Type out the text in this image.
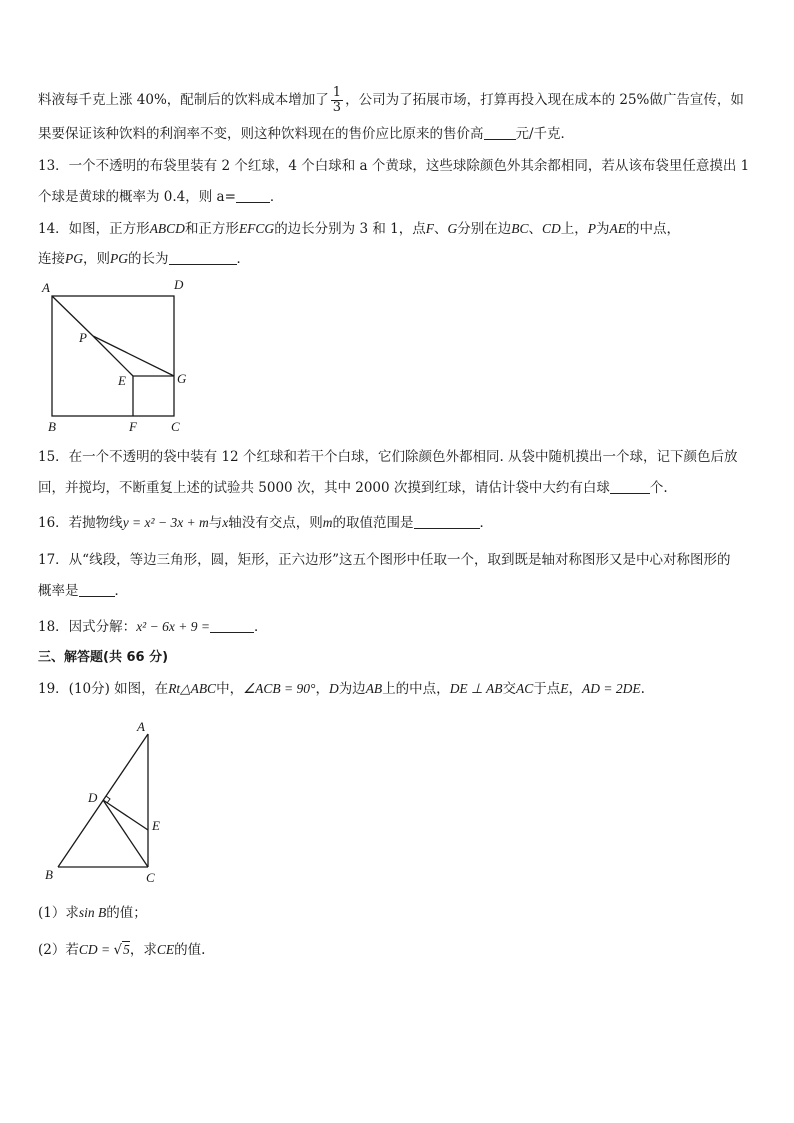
料液每千克上涨 40%，配制后的饮料成本增加了 $\frac{1}{3}$ ，公司为了拓展市场，打算再投入现在成本的 25%做广告宣传，如
果要保证该种饮料的利润率不变，则这种饮料现在的售价应比原来的售价高 元/千克．
13．一个不透明的布袋里装有 2 个红球，4 个白球和 a 个黄球，这些球除颜色外其余都相同，若从该布袋里任意摸出 1
个球是黄球的概率为 0.4，则 a=	．
14．如图，正方形ABCD和正方形EFCG的边长分别为 3 和 1，点F、G分别在边BC、CD上，P为AE的中点，
连接PG，则PG的长为	．
A	D
P
E	G
B	F	C
15．在一个不透明的袋中装有 12 个红球和若干个白球，它们除颜色外都相同. 从袋中随机摸出一个球，记下颜色后放
回，并搅均，不断重复上述的试验共 5000 次，其中 2000 次摸到红球，请估计袋中大约有白球	个.
16．若抛物线y = x² − 3x + m与x轴没有交点，则m的取值范围是	．
17．从“线段，等边三角形，圆，矩形，正六边形”这五个图形中任取一个，取到既是轴对称图形又是中心对称图形的
概率是	．
18．因式分解：x² − 6x + 9 =	．
三、解答题(共 66 分)
19．(10分) 如图，在Rt△ABC中，∠ACB = 90°，D为边AB上的中点，DE ⊥ AB交AC于点E，AD = 2DE.
A
D
E
B	C
(1）求sin B的值；
(2）若CD = √5，求CE的值.
